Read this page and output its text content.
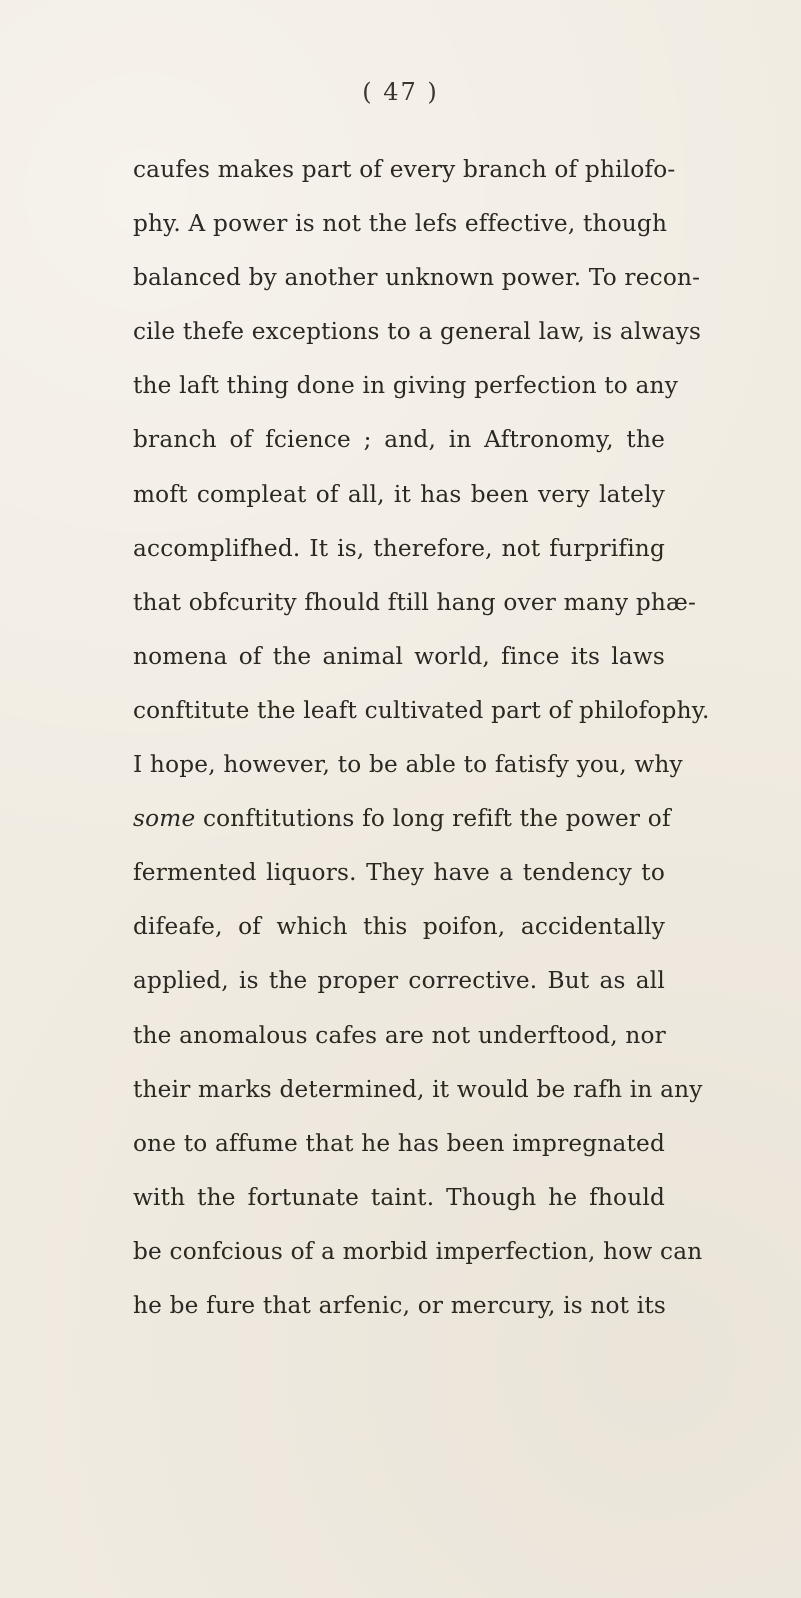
( 47 )
caufes makes part of every branch of philofo-
phy. A power is not the lefs effective, though
balanced by another unknown power. To recon-
cile thefe exceptions to a general law, is always
the laft thing done in giving perfection to any
branch of fcience ; and, in Aftronomy, the
moft compleat of all, it has been very lately
accomplifhed. It is, therefore, not furprifing
that obfcurity fhould ftill hang over many phæ-
nomena of the animal world, fince its laws
conftitute the leaft cultivated part of philofophy.
I hope, however, to be able to fatisfy you, why
some conftitutions fo long refift the power of
fermented liquors. They have a tendency to
difeafe, of which this poifon, accidentally
applied, is the proper corrective. But as all
the anomalous cafes are not underftood, nor
their marks determined, it would be rafh in any
one to affume that he has been impregnated
with the fortunate taint. Though he fhould
be confcious of a morbid imperfection, how can
he be fure that arfenic, or mercury, is not its
